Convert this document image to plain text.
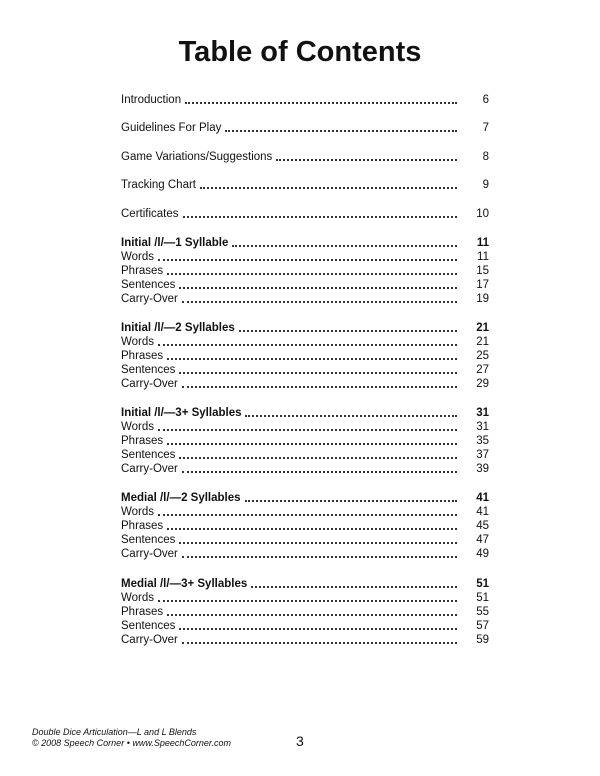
Table of Contents
Introduction	6
Guidelines For Play	7
Game Variations/Suggestions	8
Tracking Chart	9
Certificates	10
Initial /l/—1 Syllable	11
Words	11
Phrases	15
Sentences	17
Carry-Over	19
Initial /l/—2 Syllables	21
Words	21
Phrases	25
Sentences	27
Carry-Over	29
Initial /l/—3+ Syllables	31
Words	31
Phrases	35
Sentences	37
Carry-Over	39
Medial /l/—2 Syllables	41
Words	41
Phrases	45
Sentences	47
Carry-Over	49
Medial /l/—3+ Syllables	51
Words	51
Phrases	55
Sentences	57
Carry-Over	59
Double Dice Articulation—L and L Blends
© 2008 Speech Corner • www.SpeechCorner.com	3
